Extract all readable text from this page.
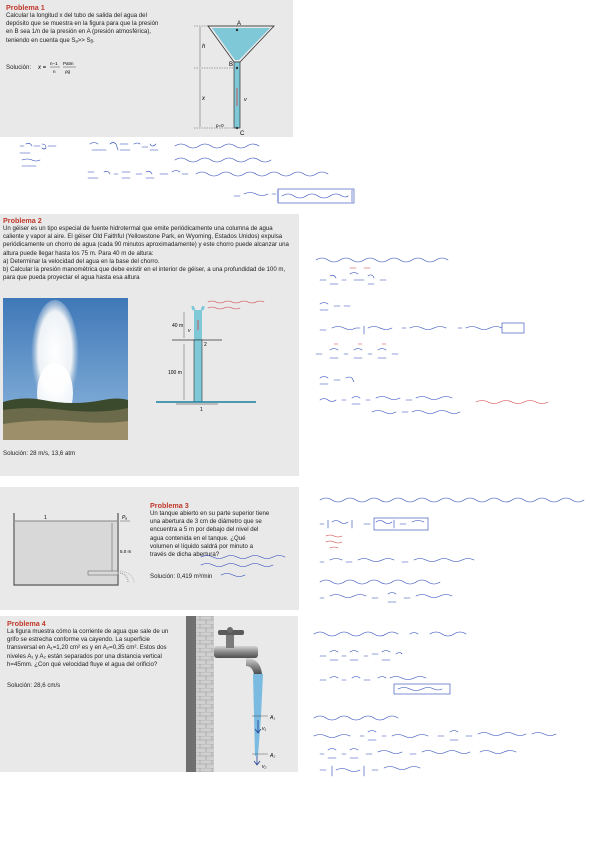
Problema 1
Calcular la longitud x del tubo de salida del agua del depósito que se muestra en la figura para que la presión en B sea 1/n de la presión en A (presión atmosférica), teniendo en cuenta que Sₐ>> Sᵦ.
Solución: x =
n−1
n
Patm
ρg
A
B
C
h
x	v
p=0
Problema 2
Un géiser es un tipo especial de fuente hidrotermal que emite periódicamente una columna de agua caliente y vapor al aire. El géiser Old Faithful (Yellowstone Park, en Wyoming, Estados Unidos) expulsa periódicamente un chorro de agua (cada 90 minutos aproximadamente) y este chorro puede alcanzar una altura puede llegar hasta los 75 m. Para 40 m de altura:
a) Determinar la velocidad del agua en la base del chorro.
b) Calcular la presión manométrica que debe existir en el interior de géiser, a una profundidad de 100 m, para que pueda proyectar el agua hasta esa altura
Solución: 28 m/s, 13,6 atm
40 m
v
100 m
2
1
1	Pₐ
5.0 m
Problema 3
Un tanque abierto en su parte superior tiene una abertura de 3 cm de diámetro que se encuentra a 5 m por debajo del nivel del agua contenida en el tanque. ¿Qué volumen el líquido saldrá por minuto a través de dicha abertura?
Solución: 0,419 m³/min
Problema 4
La figura muestra cómo la corriente de agua que sale de un grifo se estrecha conforme va cayendo. La superficie transversal en A₁=1,20 cm² es y en A₂=0,35 cm². Estos dos niveles A₁ y A₂ están separados por una distancia vertical h=45mm. ¿Con qué velocidad fluye el agua del orificio?
Solución: 28,6 cm/s
A₁
A₂
v₁
v₂
